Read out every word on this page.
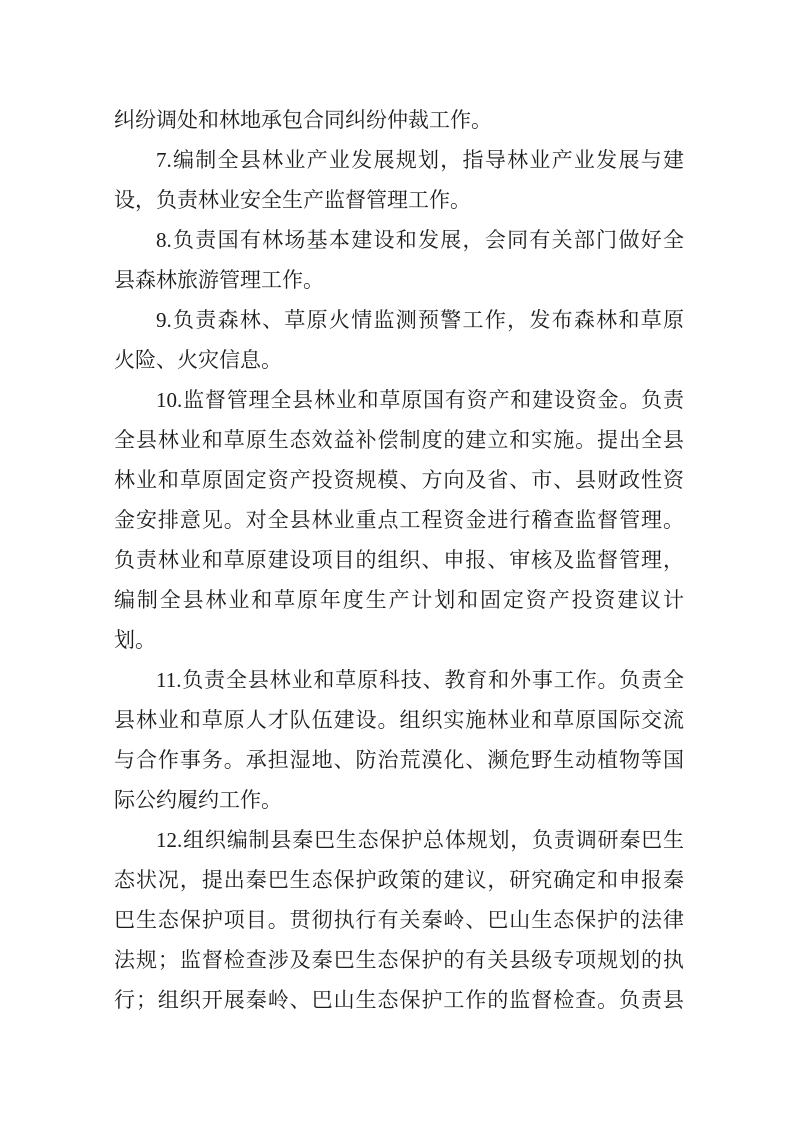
纠纷调处和林地承包合同纠纷仲裁工作。
7.编制全县林业产业发展规划，指导林业产业发展与建
设，负责林业安全生产监督管理工作。
8.负责国有林场基本建设和发展，会同有关部门做好全
县森林旅游管理工作。
9.负责森林、草原火情监测预警工作，发布森林和草原
火险、火灾信息。
10.监督管理全县林业和草原国有资产和建设资金。负责
全县林业和草原生态效益补偿制度的建立和实施。提出全县
林业和草原固定资产投资规模、方向及省、市、县财政性资
金安排意见。对全县林业重点工程资金进行稽查监督管理。
负责林业和草原建设项目的组织、申报、审核及监督管理，
编制全县林业和草原年度生产计划和固定资产投资建议计
划。
11.负责全县林业和草原科技、教育和外事工作。负责全
县林业和草原人才队伍建设。组织实施林业和草原国际交流
与合作事务。承担湿地、防治荒漠化、濒危野生动植物等国
际公约履约工作。
12.组织编制县秦巴生态保护总体规划，负责调研秦巴生
态状况，提出秦巴生态保护政策的建议，研究确定和申报秦
巴生态保护项目。贯彻执行有关秦岭、巴山生态保护的法律
法规；监督检查涉及秦巴生态保护的有关县级专项规划的执
行；组织开展秦岭、巴山生态保护工作的监督检查。负责县
